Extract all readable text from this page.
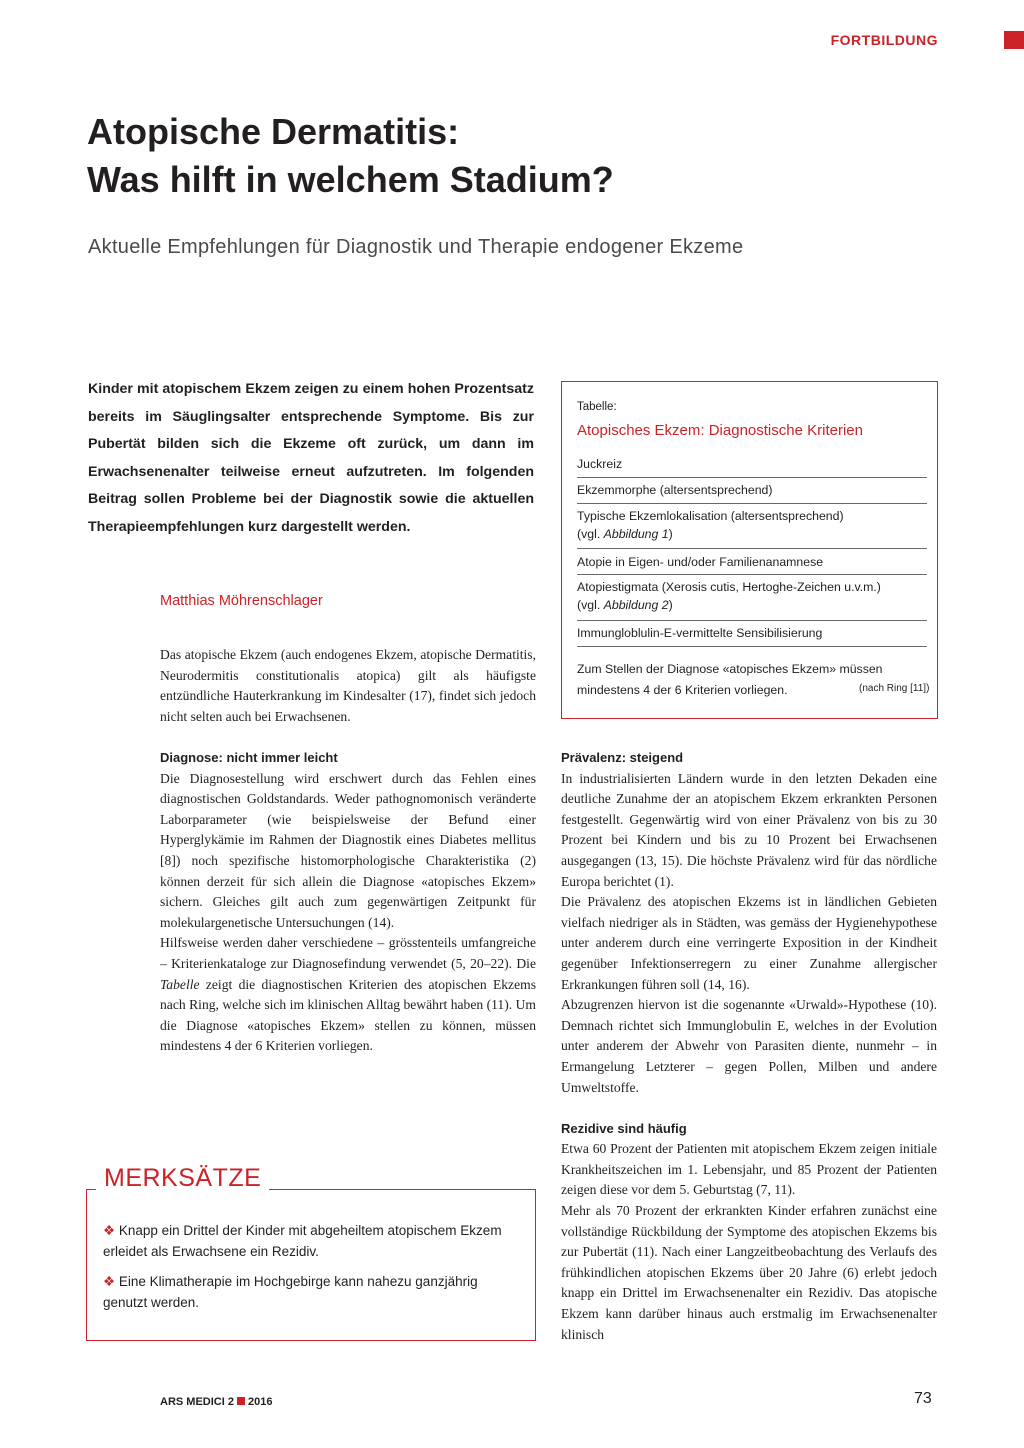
FORTBILDUNG
Atopische Dermatitis:
Was hilft in welchem Stadium?
Aktuelle Empfehlungen für Diagnostik und Therapie endogener Ekzeme
Kinder mit atopischem Ekzem zeigen zu einem hohen Prozentsatz bereits im Säuglingsalter entsprechende Symptome. Bis zur Pubertät bilden sich die Ekzeme oft zurück, um dann im Erwachsenenalter teilweise erneut aufzutreten. Im folgenden Beitrag sollen Probleme bei der Diagnostik sowie die aktuellen Therapieempfehlungen kurz dargestellt werden.
Matthias Möhrenschlager

Das atopische Ekzem (auch endogenes Ekzem, atopische Dermatitis, Neurodermitis constitutionalis atopica) gilt als häufigste entzündliche Hauterkrankung im Kindesalter (17), findet sich jedoch nicht selten auch bei Erwachsenen.

Tabelle:
Atopisches Ekzem: Diagnostische Kriterien
Juckreiz
Ekzemmorphe (altersentsprechend)
Typische Ekzemlokalisation (altersentsprechend)
(vgl. Abbildung 1)
Atopie in Eigen- und/oder Familienanamnese
Atopiestigmata (Xerosis cutis, Hertoghe-Zeichen u.v.m.)
(vgl. Abbildung 2)
Immungloblulin-E-vermittelte Sensibilisierung
Zum Stellen der Diagnose «atopisches Ekzem» müssen mindestens 4 der 6 Kriterien vorliegen.	(nach Ring [11])
Diagnose: nicht immer leicht

Die Diagnosestellung wird erschwert durch das Fehlen eines diagnostischen Goldstandards. Weder pathognomonisch veränderte Laborparameter (wie beispielsweise der Befund einer Hyperglykämie im Rahmen der Diagnostik eines Diabetes mellitus [8]) noch spezifische histomorphologische Charakteristika (2) können derzeit für sich allein die Diagnose «atopisches Ekzem» sichern. Gleiches gilt auch zum gegenwärtigen Zeitpunkt für molekulargenetische Untersuchungen (14).

Hilfsweise werden daher verschiedene – grösstenteils umfangreiche – Kriterienkataloge zur Diagnosefindung verwendet (5, 20–22). Die Tabelle zeigt die diagnostischen Kriterien des atopischen Ekzems nach Ring, welche sich im klinischen Alltag bewährt haben (11). Um die Diagnose «atopisches Ekzem» stellen zu können, müssen mindestens 4 der 6 Kriterien vorliegen.

Prävalenz: steigend

In industrialisierten Ländern wurde in den letzten Dekaden eine deutliche Zunahme der an atopischem Ekzem erkrankten Personen festgestellt. Gegenwärtig wird von einer Prävalenz von bis zu 30 Prozent bei Kindern und bis zu 10 Prozent bei Erwachsenen ausgegangen (13, 15). Die höchste Prävalenz wird für das nördliche Europa berichtet (1).

Die Prävalenz des atopischen Ekzems ist in ländlichen Gebieten vielfach niedriger als in Städten, was gemäss der Hygienehypothese unter anderem durch eine verringerte Exposition in der Kindheit gegenüber Infektionserregern zu einer Zunahme allergischer Erkrankungen führen soll (14, 16).

Abzugrenzen hiervon ist die sogenannte «Urwald»-Hypothese (10). Demnach richtet sich Immunglobulin E, welches in der Evolution unter anderem der Abwehr von Parasiten diente, nunmehr – in Ermangelung Letzterer – gegen Pollen, Milben und andere Umweltstoffe.

Rezidive sind häufig

Etwa 60 Prozent der Patienten mit atopischem Ekzem zeigen initiale Krankheitszeichen im 1. Lebensjahr, und 85 Prozent der Patienten zeigen diese vor dem 5. Geburtstag (7, 11).

Mehr als 70 Prozent der erkrankten Kinder erfahren zunächst eine vollständige Rückbildung der Symptome des atopischen Ekzems bis zur Pubertät (11). Nach einer Langzeitbeobachtung des Verlaufs des frühkindlichen atopischen Ekzems über 20 Jahre (6) erlebt jedoch knapp ein Drittel im Erwachsenenalter ein Rezidiv. Das atopische Ekzem kann darüber hinaus auch erstmalig im Erwachsenenalter klinisch

MERKSÄTZE
❖ Knapp ein Drittel der Kinder mit abgeheiltem atopischem Ekzem erleidet als Erwachsene ein Rezidiv.
❖ Eine Klimatherapie im Hochgebirge kann nahezu ganzjährig genutzt werden.
ARS MEDICI 2 2016	73
